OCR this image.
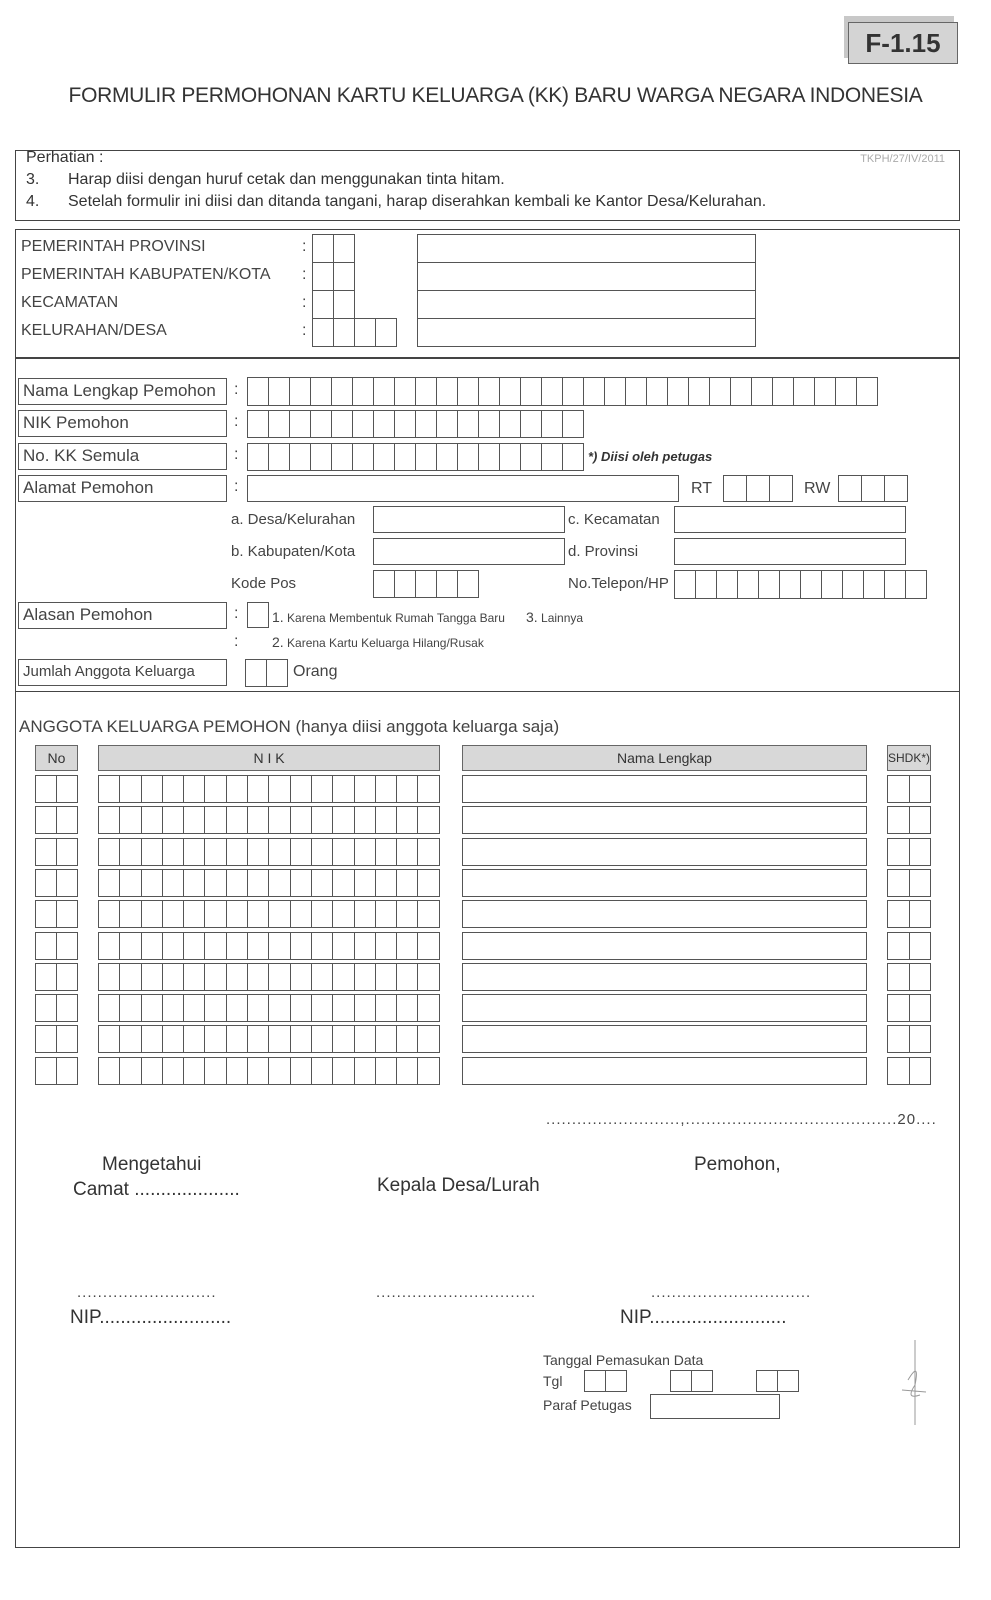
F-1.15
FORMULIR PERMOHONAN KARTU KELUARGA (KK) BARU WARGA NEGARA INDONESIA
Perhatian :	TKPH/27/IV/2011
3. Harap diisi dengan huruf cetak dan menggunakan tinta hitam.
4. Setelah formulir ini diisi dan ditanda tangani, harap diserahkan kembali ke Kantor Desa/Kelurahan.
PEMERINTAH PROVINSI	:
PEMERINTAH KABUPATEN/KOTA :
KECAMATAN	:
KELURAHAN/DESA	:
Nama Lengkap Pemohon	:
NIK Pemohon	:
No. KK Semula	:	*) Diisi oleh petugas
Alamat Pemohon	:	RT	RW
a. Desa/Kelurahan	c. Kecamatan
b. Kabupaten/Kota	d. Provinsi
Kode Pos	No.Telepon/HP
Alasan Pemohon	: 1. Karena Membentuk Rumah Tangga Baru 3. Lainnya
: 2. Karena Kartu Keluarga Hilang/Rusak
Jumlah Anggota Keluarga	Orang
ANGGOTA KELUARGA PEMOHON (hanya diisi anggota keluarga saja)
No	N I K	Nama Lengkap	SHDK*)
..........................,.........................................20....
Mengetahui
Camat ....................	Kepala Desa/Lurah
Pemohon,
...........................	...............................	...............................
NIP.........................	NIP..........................
Tanggal Pemasukan Data
Tgl
Paraf Petugas
